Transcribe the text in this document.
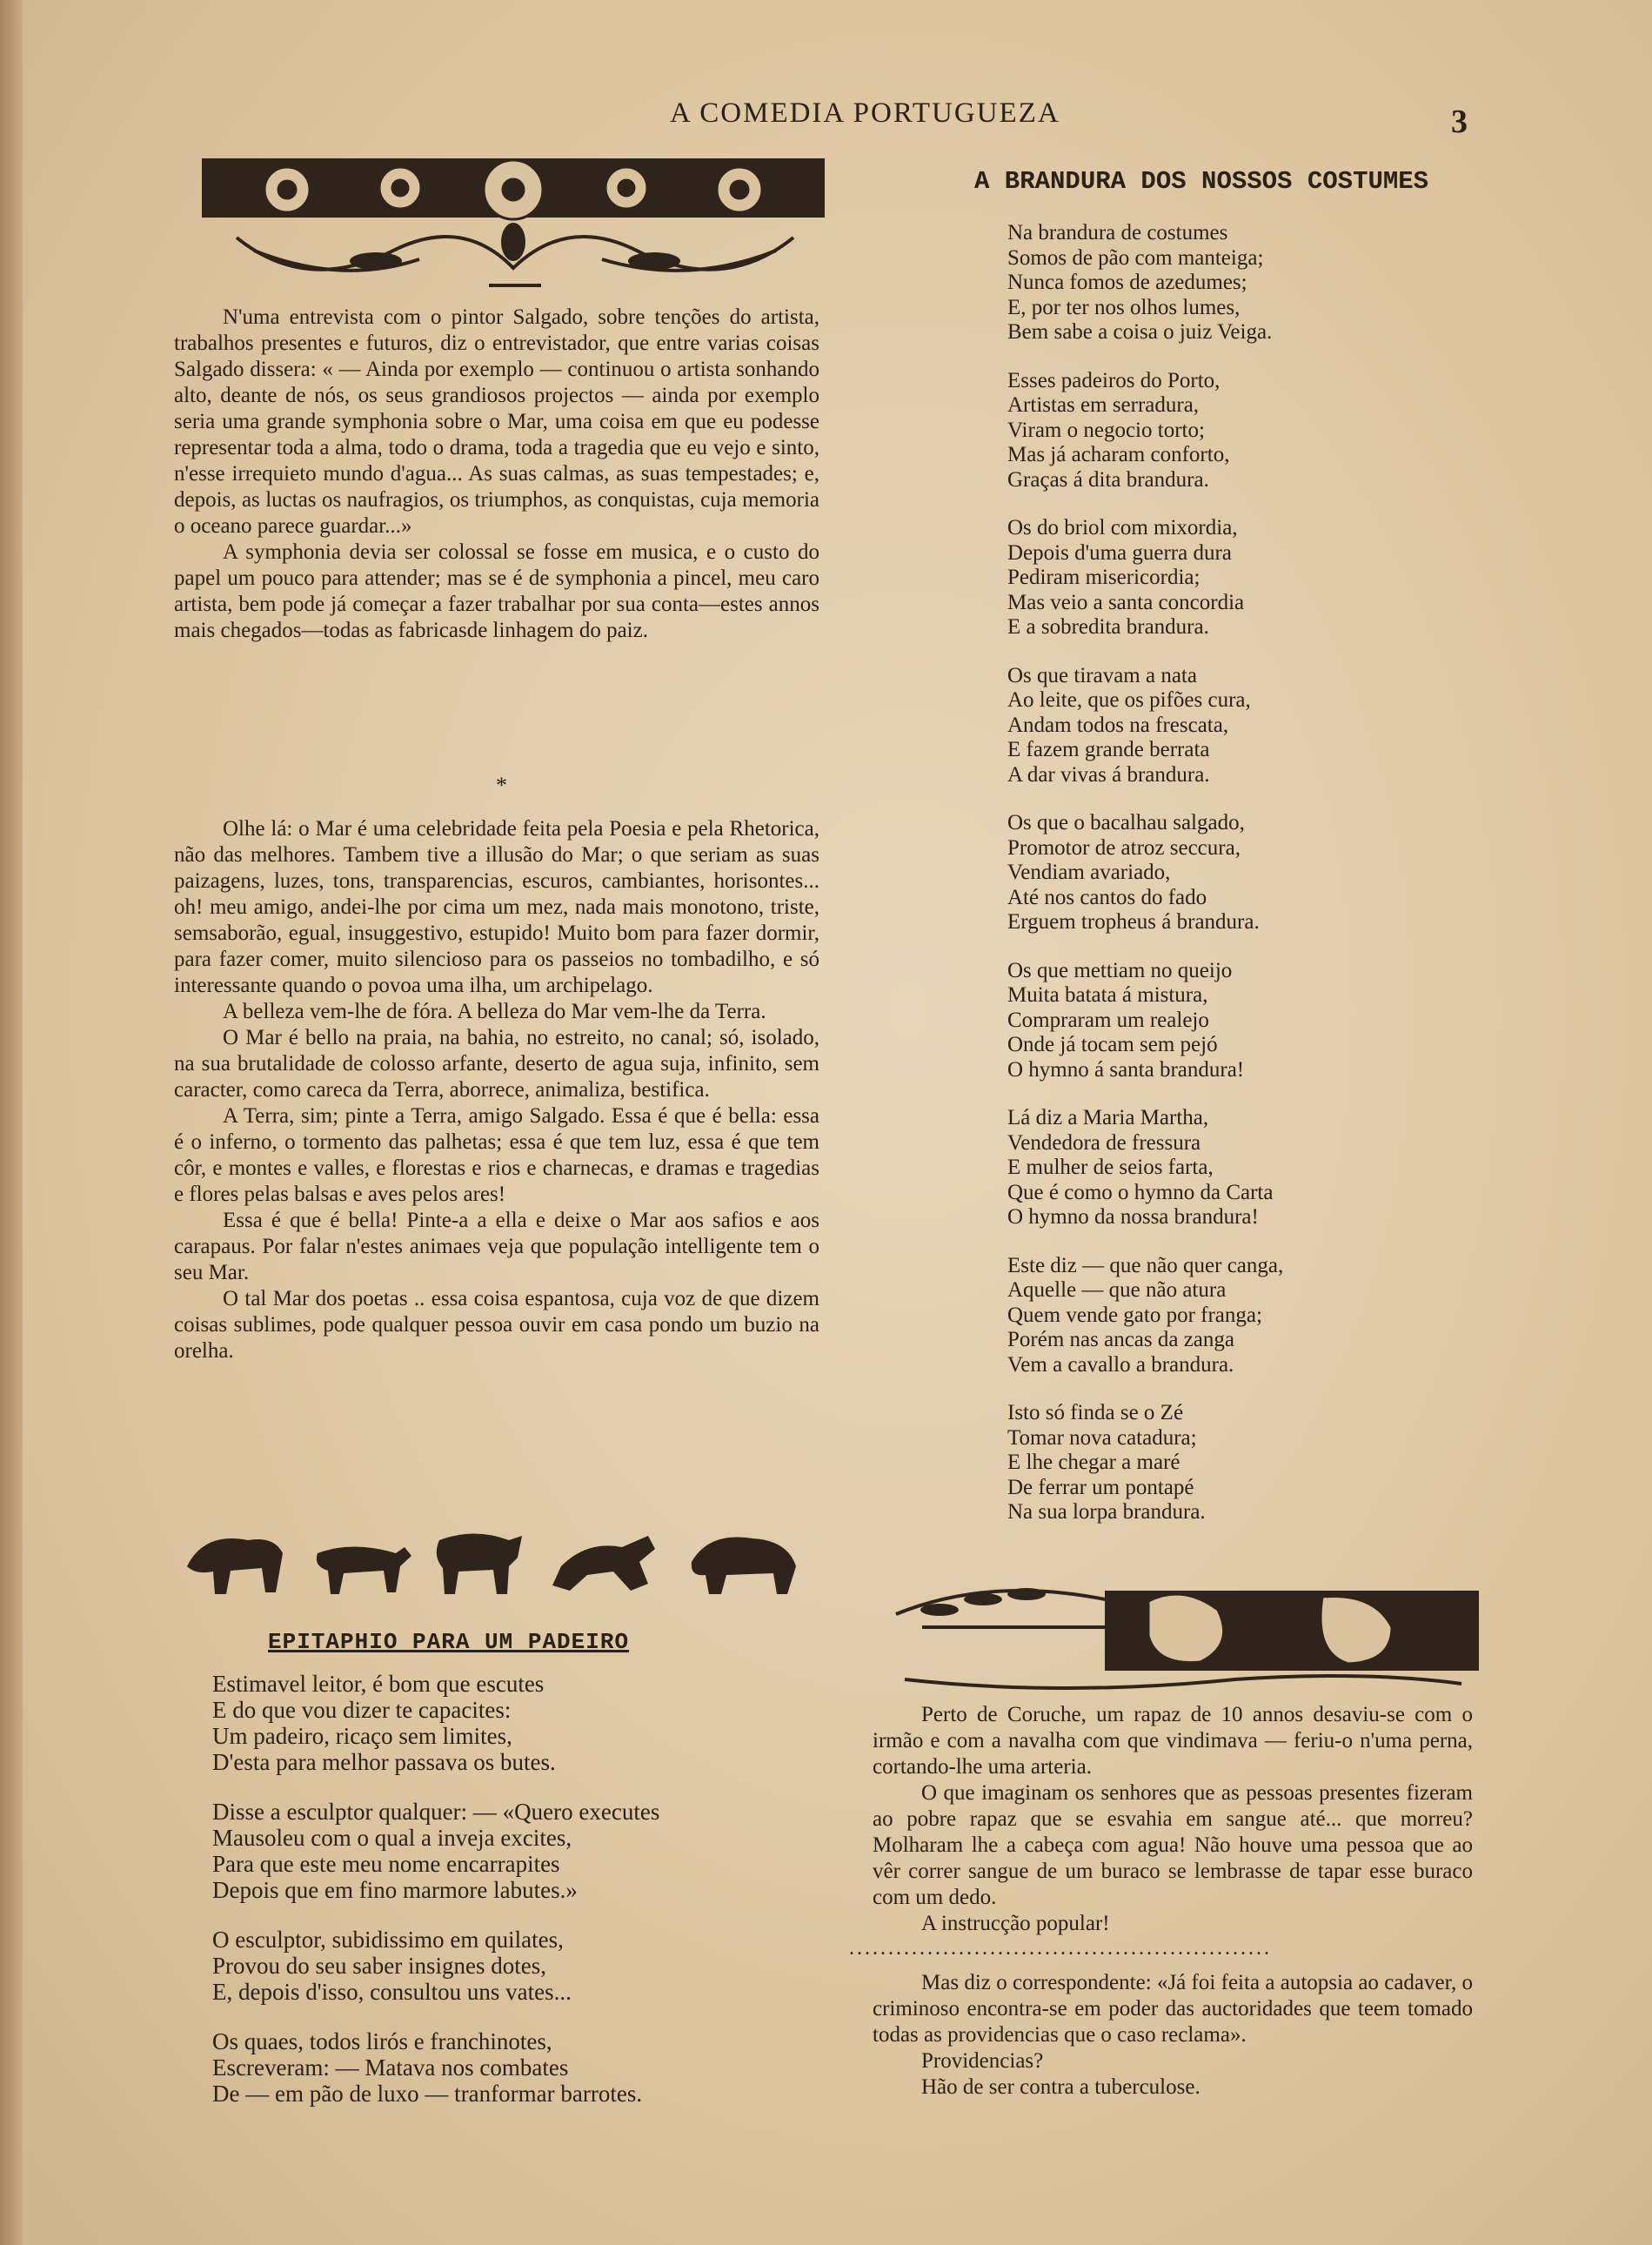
A COMEDIA PORTUGUEZA	3

N'uma entrevista com o pintor Salgado, sobre tenções do artista, trabalhos presentes e futuros, diz o entrevistador, que entre varias coisas Salgado dissera: « — Ainda por exemplo — continuou o artista sonhando alto, deante de nós, os seus grandiosos projectos — ainda por exemplo seria uma grande symphonia sobre o Mar, uma coisa em que eu podesse representar toda a alma, todo o drama, toda a tragedia que eu vejo e sinto, n'esse irrequieto mundo d'agua... As suas calmas, as suas tempestades; e, depois, as luctas os naufragios, os triumphos, as conquistas, cuja memoria o oceano parece guardar...»

A symphonia devia ser colossal se fosse em musica, e o custo do papel um pouco para attender; mas se é de symphonia a pincel, meu caro artista, bem pode já começar a fazer trabalhar por sua conta—estes annos mais chegados—todas as fabricasde linhagem do paiz.

*

Olhe lá: o Mar é uma celebridade feita pela Poesia e pela Rhetorica, não das melhores. Tambem tive a illusão do Mar; o que seriam as suas paizagens, luzes, tons, transparencias, escuros, cambiantes, horisontes... oh! meu amigo, andei-lhe por cima um mez, nada mais monotono, triste, semsaborão, egual, insuggestivo, estupido! Muito bom para fazer dormir, para fazer comer, muito silencioso para os passeios no tombadilho, e só interessante quando o povoa uma ilha, um archipelago.

A belleza vem-lhe de fóra. A belleza do Mar vem-lhe da Terra.

O Mar é bello na praia, na bahia, no estreito, no canal; só, isolado, na sua brutalidade de colosso arfante, deserto de agua suja, infinito, sem caracter, como careca da Terra, aborrece, animaliza, bestifica.

A Terra, sim; pinte a Terra, amigo Salgado. Essa é que é bella: essa é o inferno, o tormento das palhetas; essa é que tem luz, essa é que tem côr, e montes e valles, e florestas e rios e charnecas, e dramas e tragedias e flores pelas balsas e aves pelos ares!

Essa é que é bella! Pinte-a a ella e deixe o Mar aos safios e aos carapaus. Por falar n'estes animaes veja que população intelligente tem o seu Mar.

O tal Mar dos poetas .. essa coisa espantosa, cuja voz de que dizem coisas sublimes, pode qualquer pessoa ouvir em casa pondo um buzio na orelha.

EPITAPHIO PARA UM PADEIRO
Estimavel leitor, é bom que escutes
E do que vou dizer te capacites:
Um padeiro, ricaço sem limites,
D'esta para melhor passava os butes.
Disse a esculptor qualquer: — «Quero executes
Mausoleu com o qual a inveja excites,
Para que este meu nome encarrapites
Depois que em fino marmore labutes.»
O esculptor, subidissimo em quilates,
Provou do seu saber insignes dotes,
E, depois d'isso, consultou uns vates...
Os quaes, todos lirós e franchinotes,
Escreveram: — Matava nos combates
De — em pão de luxo — tranformar barrotes.
A BRANDURA DOS NOSSOS COSTUMES
Na brandura de costumes
Somos de pão com manteiga;
Nunca fomos de azedumes;
E, por ter nos olhos lumes,
Bem sabe a coisa o juiz Veiga.
Esses padeiros do Porto,
Artistas em serradura,
Viram o negocio torto;
Mas já acharam conforto,
Graças á dita brandura.
Os do briol com mixordia,
Depois d'uma guerra dura
Pediram misericordia;
Mas veio a santa concordia
E a sobredita brandura.
Os que tiravam a nata
Ao leite, que os pifões cura,
Andam todos na frescata,
E fazem grande berrata
A dar vivas á brandura.
Os que o bacalhau salgado,
Promotor de atroz seccura,
Vendiam avariado,
Até nos cantos do fado
Erguem tropheus á brandura.
Os que mettiam no queijo
Muita batata á mistura,
Compraram um realejo
Onde já tocam sem pejó
O hymno á santa brandura!
Lá diz a Maria Martha,
Vendedora de fressura
E mulher de seios farta,
Que é como o hymno da Carta
O hymno da nossa brandura!
Este diz — que não quer canga,
Aquelle — que não atura
Quem vende gato por franga;
Porém nas ancas da zanga
Vem a cavallo a brandura.
Isto só finda se o Zé
Tomar nova catadura;
E lhe chegar a maré
De ferrar um pontapé
Na sua lorpa brandura.

Perto de Coruche, um rapaz de 10 annos desaviu-se com o irmão e com a navalha com que vindimava — feriu-o n'uma perna, cortando-lhe uma arteria.

O que imaginam os senhores que as pessoas presentes fizeram ao pobre rapaz que se esvahia em sangue até... que morreu? Molharam lhe a cabeça com agua! Não houve uma pessoa que ao vêr correr sangue de um buraco se lembrasse de tapar esse buraco com um dedo.

A instrucção popular!

......................................................

Mas diz o correspondente: «Já foi feita a autopsia ao cadaver, o criminoso encontra-se em poder das auctoridades que teem tomado todas as providencias que o caso reclama».

Providencias?

Hão de ser contra a tuberculose.
